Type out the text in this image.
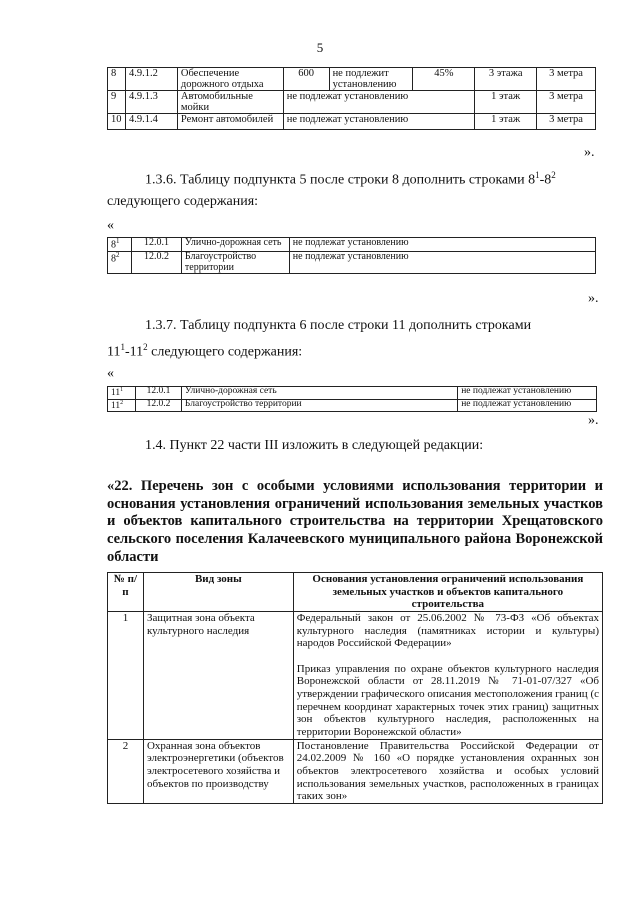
5
8	4.9.1.2	Обеспечение дорожного отдыха	600	не подлежит установлению	45%	3 этажа	3 метра
9	4.9.1.3	Автомобильные мойки	не подлежат установлению			1 этаж	3 метра
10	4.9.1.4	Ремонт автомобилей	не подлежат установлению			1 этаж	3 метра
».
1.3.6. Таблицу подпункта 5 после строки 8 дополнить строками $8^1-8^2$
следующего содержания:
«
$8^1$	12.0.1	Улично-дорожная сеть	не подлежат установлению
$8^2$	12.0.2	Благоустройство территории	не подлежат установлению
».
1.3.7. Таблицу подпункта 6 после строки 11 дополнить строками
$11^1-11^2$ следующего содержания:
«
$11^1$	12.0.1	Улично-дорожная сеть	не подлежат установлению
$11^2$	12.0.2	Благоустройство территории	не подлежат установлению
».
1.4. Пункт 22 части III изложить в следующей редакции:
«22. Перечень зон с особыми условиями использования территории и основания установления ограничений использования земельных участков и объектов капитального строительства на территории Хрещатовского сельского поселения Калачеевского муниципального района Воронежской области
№ п/п	Вид зоны	Основания установления ограничений использования земельных участков и объектов капитального строительства
1	Защитная зона объекта культурного наследия	Федеральный закон от 25.06.2002 № 73-ФЗ «Об объектах культурного наследия (памятниках истории и культуры) народов Российской Федерации»
Приказ управления по охране объектов культурного наследия Воронежской области от 28.11.2019 № 71-01-07/327 «Об утверждении графического описания местоположения границ (с перечнем координат характерных точек этих границ) защитных зон объектов культурного наследия, расположенных на территории Воронежской области»

2	Охранная зона объектов электроэнергетики (объектов электросетевого хозяйства и объектов по производству	Постановление Правительства Российской Федерации от 24.02.2009 № 160 «О порядке установления охранных зон объектов электросетевого хозяйства и особых условий использования земельных участков, расположенных в границах таких зон»
